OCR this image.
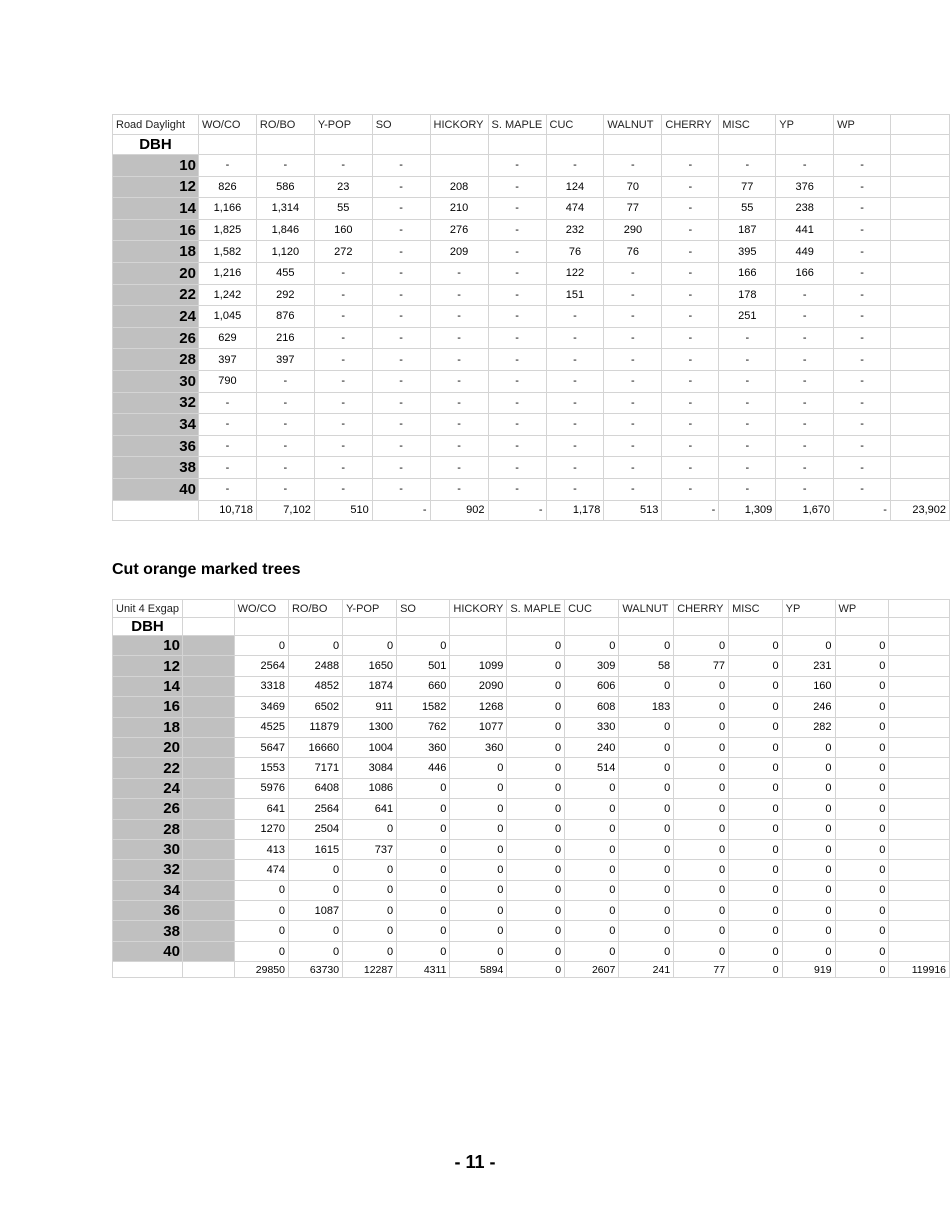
Road Daylight	WO/CO	RO/BO	Y-POP	SO	HICKORY	S. MAPLE	CUC	WALNUT	CHERRY	MISC	YP	WP	
DBH													
10	-	-	-	-		-	-	-	-	-	-	-	
12	826	586	23	-	208	-	124	70	-	77	376	-	
14	1,166	1,314	55	-	210	-	474	77	-	55	238	-	
16	1,825	1,846	160	-	276	-	232	290	-	187	441	-	
18	1,582	1,120	272	-	209	-	76	76	-	395	449	-	
20	1,216	455	-	-	-	-	122	-	-	166	166	-	
22	1,242	292	-	-	-	-	151	-	-	178	-	-	
24	1,045	876	-	-	-	-	-	-	-	251	-	-	
26	629	216	-	-	-	-	-	-	-	-	-	-	
28	397	397	-	-	-	-	-	-	-	-	-	-	
30	790	-	-	-	-	-	-	-	-	-	-	-	
32	-	-	-	-	-	-	-	-	-	-	-	-	
34	-	-	-	-	-	-	-	-	-	-	-	-	
36	-	-	-	-	-	-	-	-	-	-	-	-	
38	-	-	-	-	-	-	-	-	-	-	-	-	
40	-	-	-	-	-	-	-	-	-	-	-	-	
	10,718	7,102	510	-	902	-	1,178	513	-	1,309	1,670	-	23,902
Cut orange marked trees
Unit 4 Exgap		WO/CO	RO/BO	Y-POP	SO	HICKORY	S. MAPLE	CUC	WALNUT	CHERRY	MISC	YP	WP	
DBH														
10		0	0	0	0		0	0	0	0	0	0	0	
12		2564	2488	1650	501	1099	0	309	58	77	0	231	0	
14		3318	4852	1874	660	2090	0	606	0	0	0	160	0	
16		3469	6502	911	1582	1268	0	608	183	0	0	246	0	
18		4525	11879	1300	762	1077	0	330	0	0	0	282	0	
20		5647	16660	1004	360	360	0	240	0	0	0	0	0	
22		1553	7171	3084	446	0	0	514	0	0	0	0	0	
24		5976	6408	1086	0	0	0	0	0	0	0	0	0	
26		641	2564	641	0	0	0	0	0	0	0	0	0	
28		1270	2504	0	0	0	0	0	0	0	0	0	0	
30		413	1615	737	0	0	0	0	0	0	0	0	0	
32		474	0	0	0	0	0	0	0	0	0	0	0	
34		0	0	0	0	0	0	0	0	0	0	0	0	
36		0	1087	0	0	0	0	0	0	0	0	0	0	
38		0	0	0	0	0	0	0	0	0	0	0	0	
40		0	0	0	0	0	0	0	0	0	0	0	0	
		29850	63730	12287	4311	5894	0	2607	241	77	0	919	0	119916
- 11 -
